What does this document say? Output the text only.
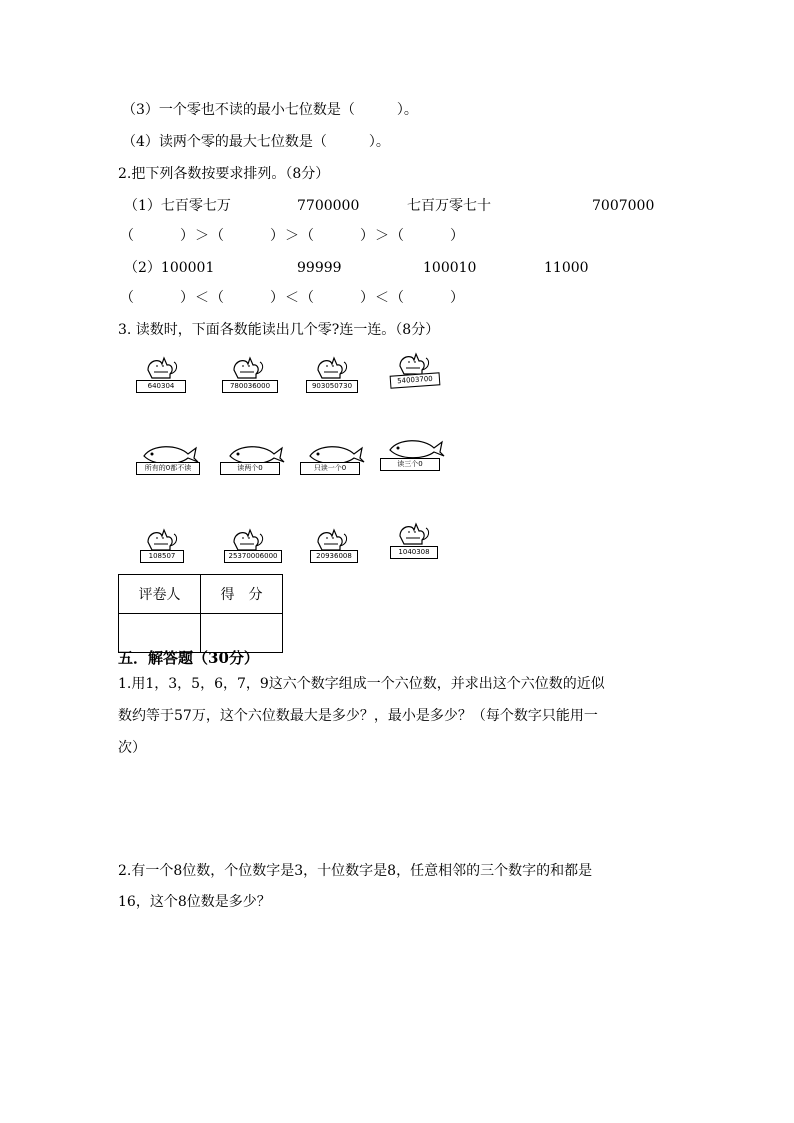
（3）一个零也不读的最小七位数是（　　　）。
（4）读两个零的最大七位数是（　　　）。
2.把下列各数按要求排列。（8分）
（1）七百零七万	7700000	七百万零七十	7007000
（　　　）＞（　　　）＞（　　　）＞（　　　）
（2）100001	99999	100010	11000
（　　　）＜（　　　）＜（　　　）＜（　　　）
3. 读数时，下面各数能读出几个零?连一连。（8分）
640304	780036000	903050730
54003700
所有的0都不读	读两个0	只读一个0	读三个0
108507	25370006000	20936008	1040308
评卷人	得　分

五．解答题（30分）
1.用1，3，5，6，7，9这六个数字组成一个六位数，并求出这个六位数的近似
数约等于57万，这个六位数最大是多少？，最小是多少？（每个数字只能用一
次）
2.有一个8位数，个位数字是3，十位数字是8，任意相邻的三个数字的和都是
16，这个8位数是多少？
